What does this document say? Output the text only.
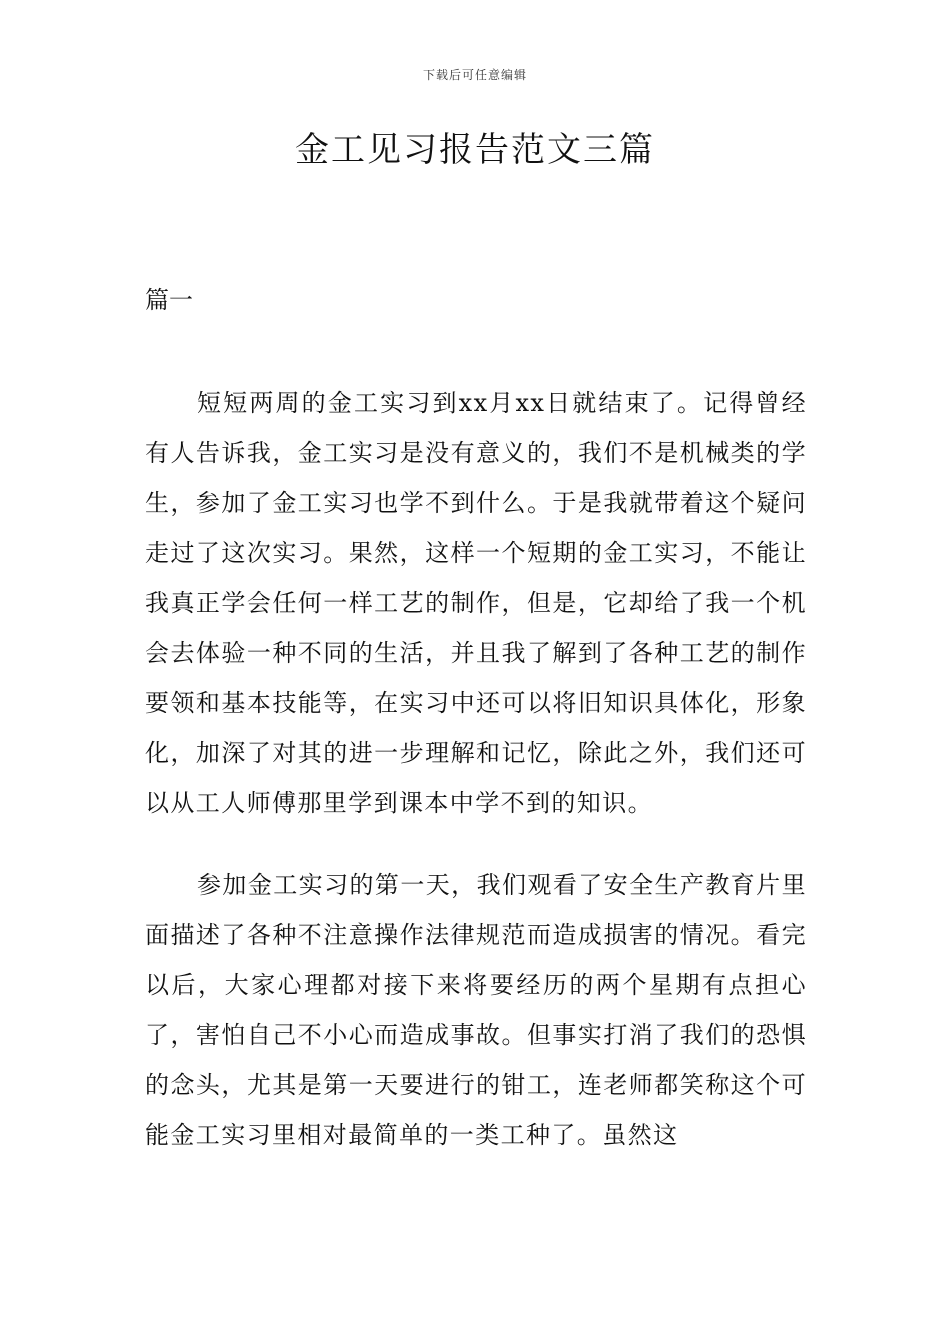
下载后可任意编辑
金工见习报告范文三篇
篇一

短短两周的金工实习到xx月xx日就结束了。记得曾经有人告诉我，金工实习是没有意义的，我们不是机械类的学生，参加了金工实习也学不到什么。于是我就带着这个疑问走过了这次实习。果然，这样一个短期的金工实习，不能让我真正学会任何一样工艺的制作，但是，它却给了我一个机会去体验一种不同的生活，并且我了解到了各种工艺的制作要领和基本技能等，在实习中还可以将旧知识具体化，形象化，加深了对其的进一步理解和记忆，除此之外，我们还可以从工人师傅那里学到课本中学不到的知识。

参加金工实习的第一天，我们观看了安全生产教育片里面描述了各种不注意操作法律规范而造成损害的情况。看完以后，大家心理都对接下来将要经历的两个星期有点担心了，害怕自己不小心而造成事故。但事实打消了我们的恐惧的念头，尤其是第一天要进行的钳工，连老师都笑称这个可能金工实习里相对最简单的一类工种了。虽然这
